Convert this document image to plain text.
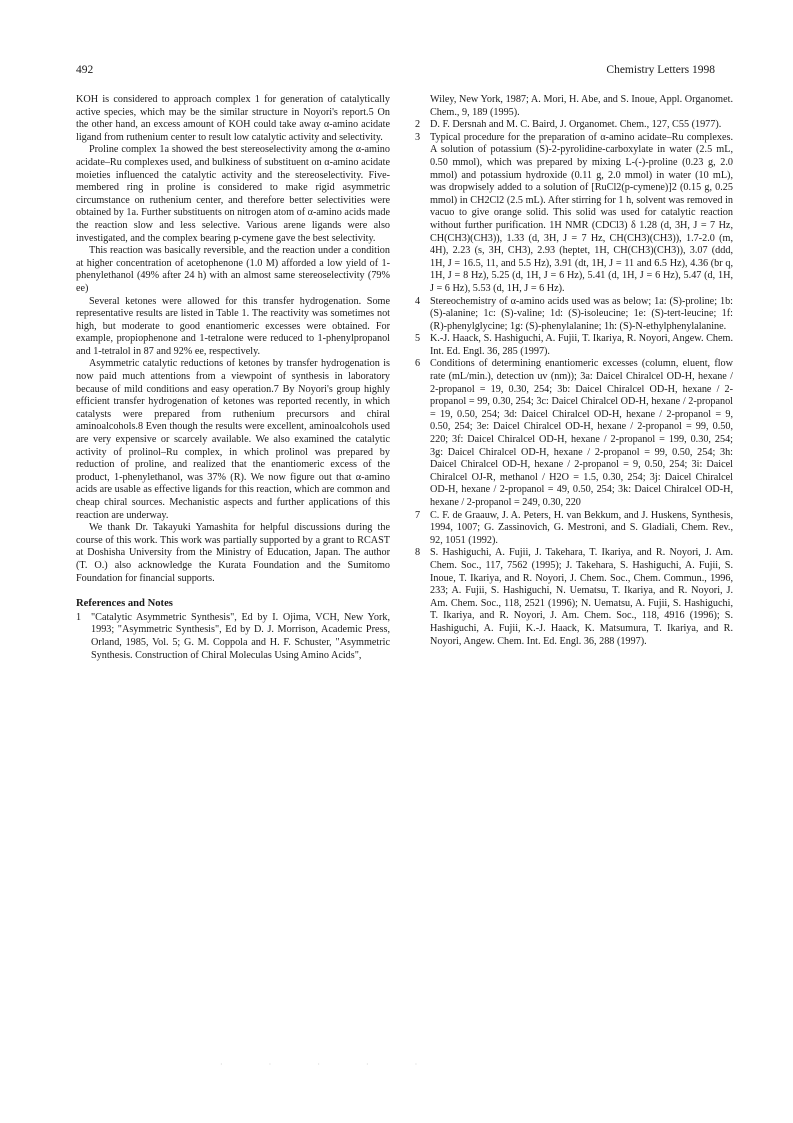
492	Chemistry Letters 1998

KOH is considered to approach complex 1 for generation of catalytically active species, which may be the similar structure in Noyori's report.5 On the other hand, an excess amount of KOH could take away α-amino acidate ligand from ruthenium center to result low catalytic activity and selectivity.

Proline complex 1a showed the best stereoselectivity among the α-amino acidate–Ru complexes used, and bulkiness of substituent on α-amino acidate moieties influenced the catalytic activity and the stereoselectivity. Five-membered ring in proline is considered to make rigid asymmetric circumstance on ruthenium center, and therefore better selectivities were obtained by 1a. Further substituents on nitrogen atom of α-amino acids made the reaction slow and less selective. Various arene ligands were also investigated, and the complex bearing p-cymene gave the best selectivity.

This reaction was basically reversible, and the reaction under a condition at higher concentration of acetophenone (1.0 M) afforded a low yield of 1-phenylethanol (49% after 24 h) with an almost same stereoselectivity (79% ee)

Several ketones were allowed for this transfer hydrogenation. Some representative results are listed in Table 1. The reactivity was sometimes not high, but moderate to good enantiomeric excesses were obtained. For example, propiophenone and 1-tetralone were reduced to 1-phenylpropanol and 1-tetralol in 87 and 92% ee, respectively.

Asymmetric catalytic reductions of ketones by transfer hydrogenation is now paid much attentions from a viewpoint of synthesis in laboratory because of mild conditions and easy operation.7 By Noyori's group highly efficient transfer hydrogenation of ketones was reported recently, in which catalysts were prepared from ruthenium precursors and chiral aminoalcohols.8 Even though the results were excellent, aminoalcohols used are very expensive or scarcely available. We also examined the catalytic activity of prolinol–Ru complex, in which prolinol was prepared by reduction of proline, and realized that the enantiomeric excess of the product, 1-phenylethanol, was 37% (R). We now figure out that α-amino acids are usable as effective ligands for this reaction, which are common and cheap chiral sources. Mechanistic aspects and further applications of this reaction are underway.

We thank Dr. Takayuki Yamashita for helpful discussions during the course of this work. This work was partially supported by a grant to RCAST at Doshisha University from the Ministry of Education, Japan. The author (T. O.) also acknowledge the Kurata Foundation and the Sumitomo Foundation for financial supports.

References and Notes
1 "Catalytic Asymmetric Synthesis", Ed by I. Ojima, VCH, New York, 1993; "Asymmetric Synthesis", Ed by D. J. Morrison, Academic Press, Orland, 1985, Vol. 5; G. M. Coppola and H. F. Schuster, "Asymmetric Synthesis. Construction of Chiral Moleculas Using Amino Acids",
Wiley, New York, 1987; A. Mori, H. Abe, and S. Inoue, Appl. Organomet. Chem., 9, 189 (1995).
2 D. F. Dersnah and M. C. Baird, J. Organomet. Chem., 127, C55 (1977).
3 Typical procedure for the preparation of α-amino acidate–Ru complexes. A solution of potassium (S)-2-pyrolidine-carboxylate in water (2.5 mL, 0.50 mmol), which was prepared by mixing L-(-)-proline (0.23 g, 2.0 mmol) and potassium hydroxide (0.11 g, 2.0 mmol) in water (10 mL), was dropwisely added to a solution of [RuCl2(p-cymene)]2 (0.15 g, 0.25 mmol) in CH2Cl2 (2.5 mL). After stirring for 1 h, solvent was removed in vacuo to give orange solid. This solid was used for catalytic reaction without further purification. 1H NMR (CDCl3) δ 1.28 (d, 3H, J = 7 Hz, CH(CH3)(CH3)), 1.33 (d, 3H, J = 7 Hz, CH(CH3)(CH3)), 1.7-2.0 (m, 4H), 2.23 (s, 3H, CH3), 2.93 (heptet, 1H, CH(CH3)(CH3)), 3.07 (ddd, 1H, J = 16.5, 11, and 5.5 Hz), 3.91 (dt, 1H, J = 11 and 6.5 Hz), 4.36 (br q, 1H, J = 8 Hz), 5.25 (d, 1H, J = 6 Hz), 5.41 (d, 1H, J = 6 Hz), 5.47 (d, 1H, J = 6 Hz), 5.53 (d, 1H, J = 6 Hz).
4 Stereochemistry of α-amino acids used was as below; 1a: (S)-proline; 1b: (S)-alanine; 1c: (S)-valine; 1d: (S)-isoleucine; 1e: (S)-tert-leucine; 1f: (R)-phenylglycine; 1g: (S)-phenylalanine; 1h: (S)-N-ethylphenylalanine.
5 K.-J. Haack, S. Hashiguchi, A. Fujii, T. Ikariya, R. Noyori, Angew. Chem. Int. Ed. Engl. 36, 285 (1997).
6 Conditions of determining enantiomeric excesses (column, eluent, flow rate (mL/min.), detection uv (nm)); 3a: Daicel Chiralcel OD-H, hexane / 2-propanol = 19, 0.30, 254; 3b: Daicel Chiralcel OD-H, hexane / 2-propanol = 99, 0.30, 254; 3c: Daicel Chiralcel OD-H, hexane / 2-propanol = 19, 0.50, 254; 3d: Daicel Chiralcel OD-H, hexane / 2-propanol = 9, 0.50, 254; 3e: Daicel Chiralcel OD-H, hexane / 2-propanol = 99, 0.50, 220; 3f: Daicel Chiralcel OD-H, hexane / 2-propanol = 199, 0.30, 254; 3g: Daicel Chiralcel OD-H, hexane / 2-propanol = 99, 0.50, 254; 3h: Daicel Chiralcel OD-H, hexane / 2-propanol = 9, 0.50, 254; 3i: Daicel Chiralcel OJ-R, methanol / H2O = 1.5, 0.30, 254; 3j: Daicel Chiralcel OD-H, hexane / 2-propanol = 49, 0.50, 254; 3k: Daicel Chiralcel OD-H, hexane / 2-propanol = 249, 0.30, 220
7 C. F. de Graauw, J. A. Peters, H. van Bekkum, and J. Huskens, Synthesis, 1994, 1007; G. Zassinovich, G. Mestroni, and S. Gladiali, Chem. Rev., 92, 1051 (1992).
8 S. Hashiguchi, A. Fujii, J. Takehara, T. Ikariya, and R. Noyori, J. Am. Chem. Soc., 117, 7562 (1995); J. Takehara, S. Hashiguchi, A. Fujii, S. Inoue, T. Ikariya, and R. Noyori, J. Chem. Soc., Chem. Commun., 1996, 233; A. Fujii, S. Hashiguchi, N. Uematsu, T. Ikariya, and R. Noyori, J. Am. Chem. Soc., 118, 2521 (1996); N. Uematsu, A. Fujii, S. Hashiguchi, T. Ikariya, and R. Noyori, J. Am. Chem. Soc., 118, 4916 (1996); S. Hashiguchi, A. Fujii, K.-J. Haack, K. Matsumura, T. Ikariya, and R. Noyori, Angew. Chem. Int. Ed. Engl. 36, 288 (1997).
· · · · ·
